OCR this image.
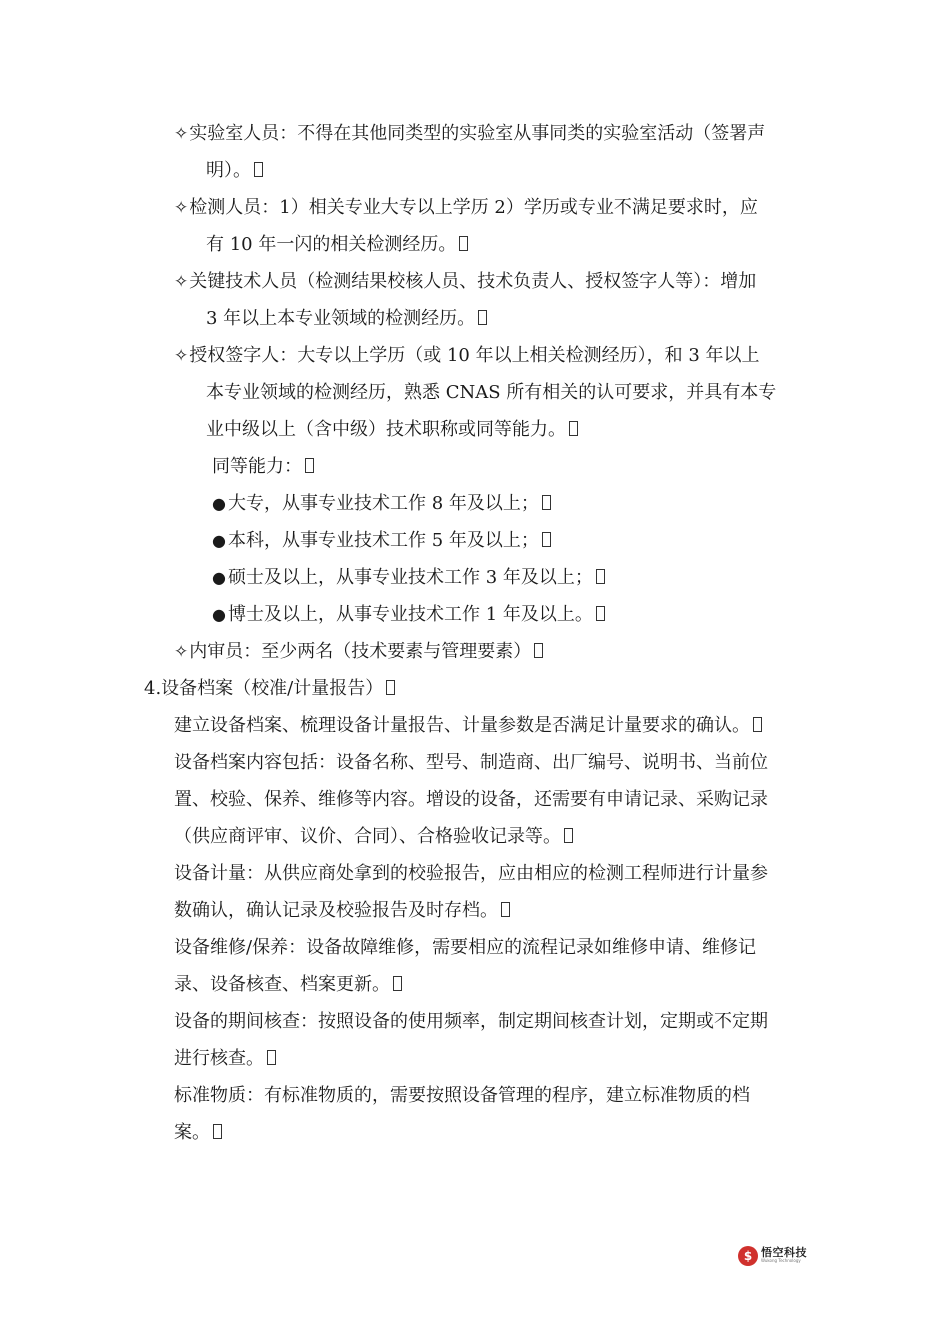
✧实验室人员：不得在其他同类型的实验室从事同类的实验室活动（签署声
明）。
✧检测人员：1）相关专业大专以上学历 2）学历或专业不满足要求时，应
有 10 年一闪的相关检测经历。
✧关键技术人员（检测结果校核人员、技术负责人、授权签字人等）：增加
3 年以上本专业领域的检测经历。
✧授权签字人：大专以上学历（或 10 年以上相关检测经历），和 3 年以上
本专业领域的检测经历，熟悉 CNAS 所有相关的认可要求，并具有本专
业中级以上（含中级）技术职称或同等能力。
同等能力：
● 大专，从事专业技术工作 8 年及以上；
● 本科，从事专业技术工作 5 年及以上；
● 硕士及以上，从事专业技术工作 3 年及以上；
● 博士及以上，从事专业技术工作 1 年及以上。
✧内审员：至少两名（技术要素与管理要素）
4.设备档案（校准/计量报告）
建立设备档案、梳理设备计量报告、计量参数是否满足计量要求的确认。
设备档案内容包括：设备名称、型号、制造商、出厂编号、说明书、当前位
置、校验、保养、维修等内容。增设的设备，还需要有申请记录、采购记录
（供应商评审、议价、合同）、合格验收记录等。
设备计量：从供应商处拿到的校验报告，应由相应的检测工程师进行计量参
数确认，确认记录及校验报告及时存档。
设备维修/保养：设备故障维修，需要相应的流程记录如维修申请、维修记
录、设备核查、档案更新。
设备的期间核查：按照设备的使用频率，制定期间核查计划，定期或不定期
进行核查。
标准物质：有标准物质的，需要按照设备管理的程序，建立标准物质的档
案。
$ 悟空科技
Wukong Technology
